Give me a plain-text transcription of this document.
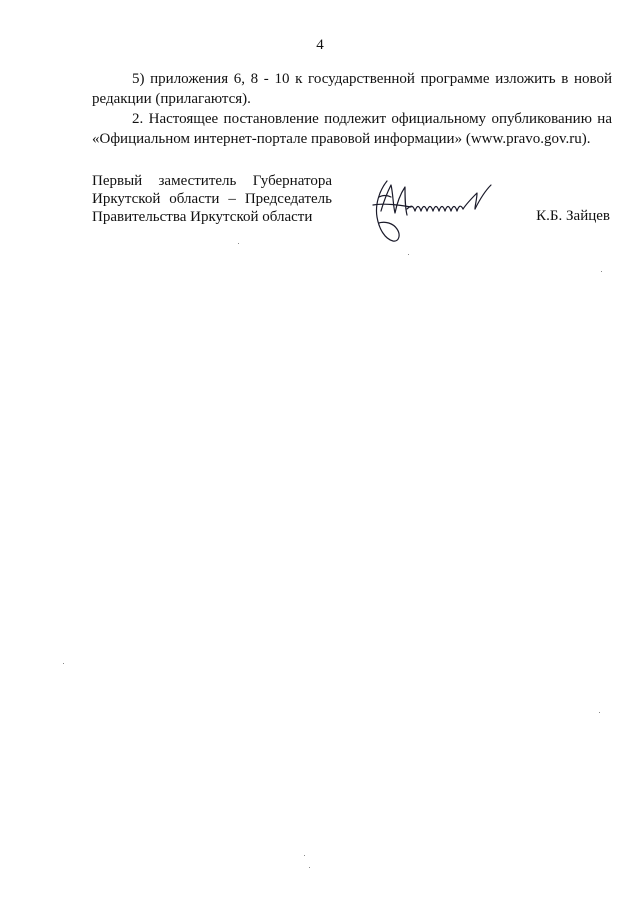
4

5) приложения 6, 8 - 10 к государственной программе изложить в новой редакции (прилагаются).

2. Настоящее постановление подлежит официальному опубликованию на «Официальном интернет-портале правовой информации» (www.pravo.gov.ru).

Первый заместитель Губернатора
Иркутской области – Председатель
Правительства Иркутской области	К.Б. Зайцев
